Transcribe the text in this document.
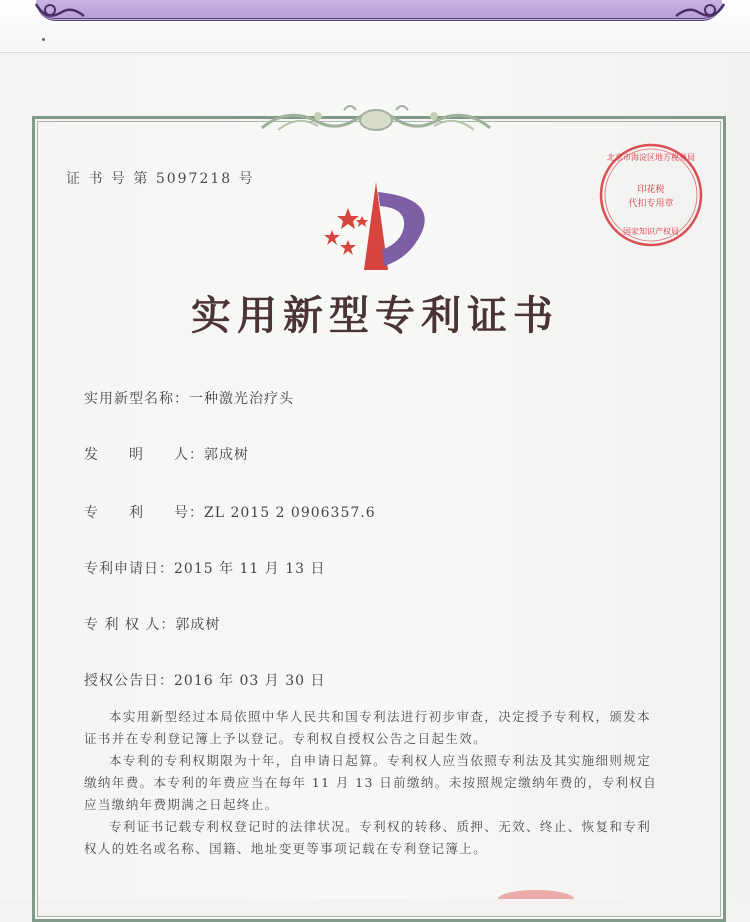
证 书 号 第 5097218 号
北京市海淀区地方税务局
印花税
代扣专用章
国家知识产权局
实用新型专利证书
实用新型名称：一种激光治疗头
发　　明　　人：郭成树
专　　利　　号：ZL 2015 2 0906357.6
专利申请日：2015 年 11 月 13 日
专 利 权 人：郭成树
授权公告日：2016 年 03 月 30 日
本实用新型经过本局依照中华人民共和国专利法进行初步审查，决定授予专利权，颁发本证书并在专利登记簿上予以登记。专利权自授权公告之日起生效。
本专利的专利权期限为十年，自申请日起算。专利权人应当依照专利法及其实施细则规定缴纳年费。本专利的年费应当在每年 11 月 13 日前缴纳。未按照规定缴纳年费的，专利权自应当缴纳年费期满之日起终止。
专利证书记载专利权登记时的法律状况。专利权的转移、质押、无效、终止、恢复和专利权人的姓名或名称、国籍、地址变更等事项记载在专利登记簿上。
